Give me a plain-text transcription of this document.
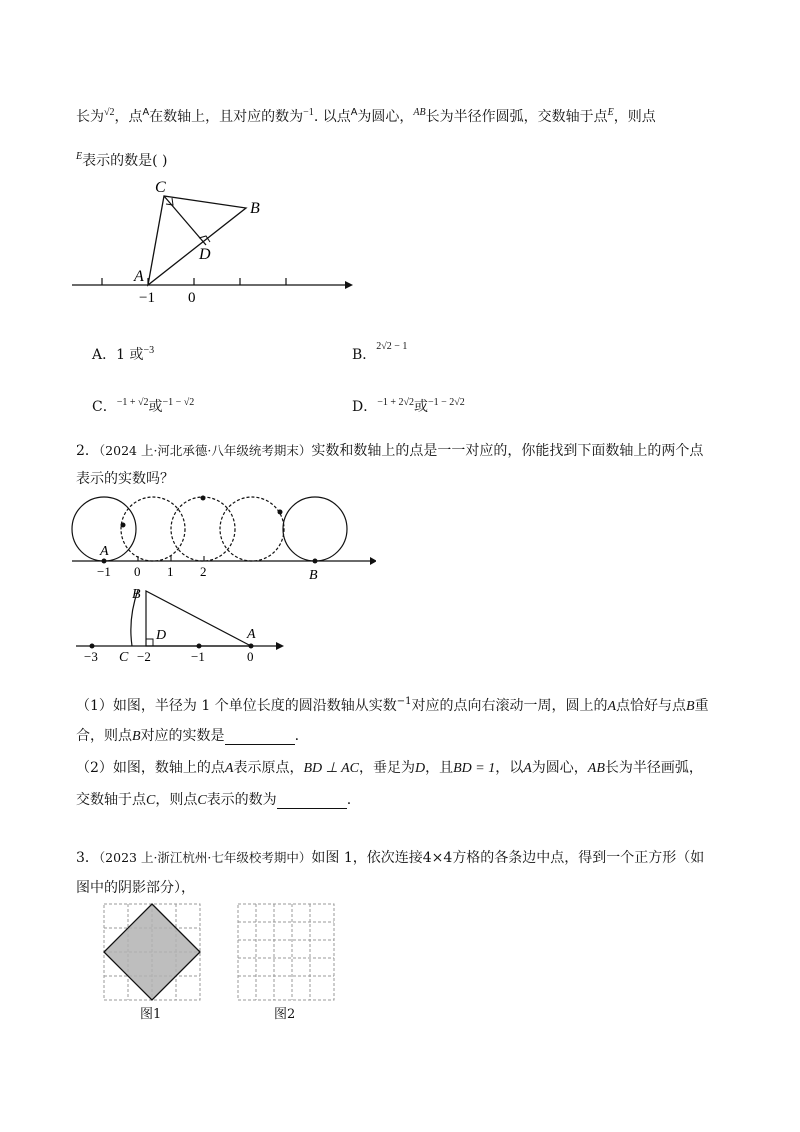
长为$^{√2}$，点$^A$在数轴上，且对应的数为$^{-1}$. 以点$^A$为圆心，$^{AB}$长为半径作圆弧，交数轴于点$^E$，则点
$^E$表示的数是( )
C
B
D
A
−1 0
A．1 或$^{-3}$	B．$^{2√2 - 1}$
C．$^{-1 + √2}$或$^{-1 - √2}$	D．$^{-1 + 2√2}$或$^{-1 - 2√2}$
2．（2024 上·河北承德·八年级统考期末）实数和数轴上的点是一一对应的，你能找到下面数轴上的两个点
表示的实数吗？
A
B
−1 0 1 2
B
D	A
C
−3	−2	−1	0
（1）如图，半径为 1 个单位长度的圆沿数轴从实数$^{-1}$对应的点向右滚动一周，圆上的A点恰好与点B重
合，则点B对应的实数是	.
（2）如图，数轴上的点A表示原点，BD ⊥ AC，垂足为D，且BD = 1，以A为圆心，AB长为半径画弧，
交数轴于点C，则点C表示的数为	.
3．（2023 上·浙江杭州·七年级校考期中）如图 1，依次连接4×4方格的各条边中点，得到一个正方形（如
图中的阴影部分），
图1	图2
